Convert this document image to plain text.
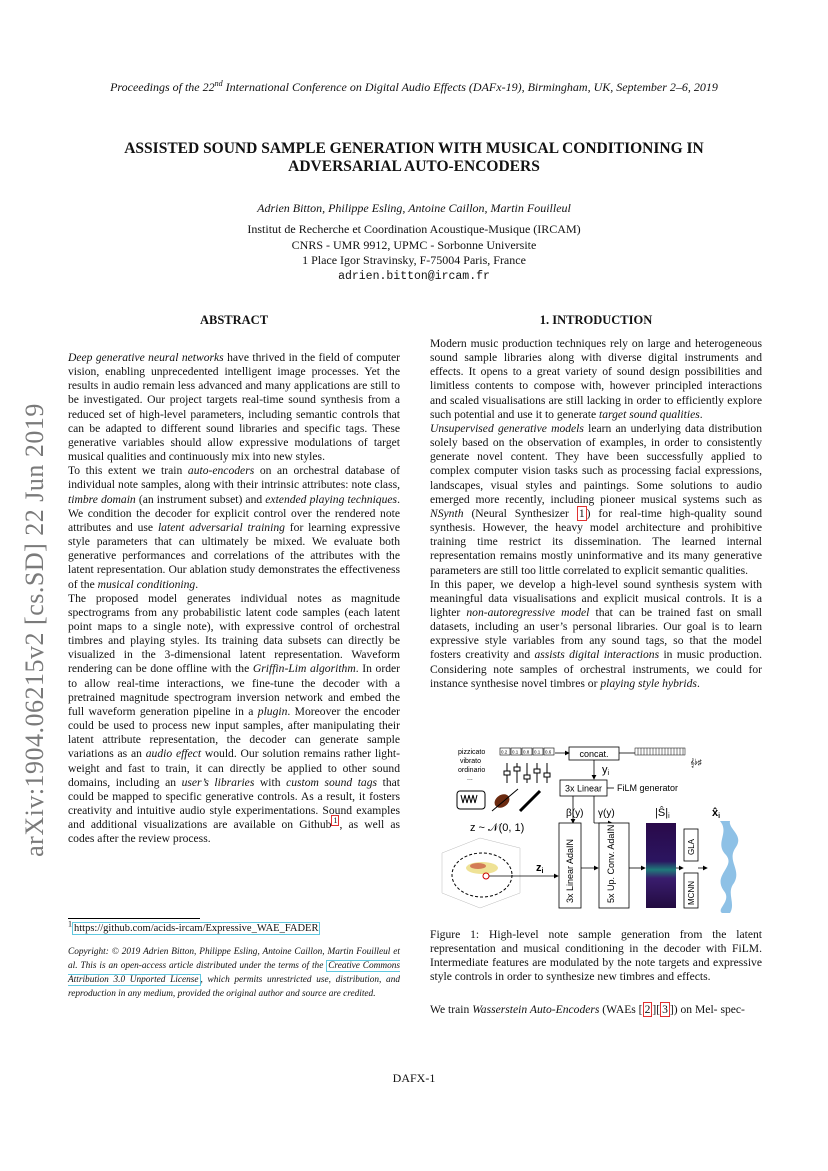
Proceedings of the 22nd International Conference on Digital Audio Effects (DAFx-19), Birmingham, UK, September 2–6, 2019
ASSISTED SOUND SAMPLE GENERATION WITH MUSICAL CONDITIONING IN
ADVERSARIAL AUTO-ENCODERS
Adrien Bitton, Philippe Esling, Antoine Caillon, Martin Fouilleul
Institut de Recherche et Coordination Acoustique-Musique (IRCAM)
CNRS - UMR 9912, UPMC - Sorbonne Universite
1 Place Igor Stravinsky, F-75004 Paris, France
adrien.bitton@ircam.fr
arXiv:1904.06215v2 [cs.SD] 22 Jun 2019
ABSTRACT

Deep generative neural networks have thrived in the field of computer vision, enabling unprecedented intelligent image processes. Yet the results in audio remain less advanced and many applications are still to be investigated. Our project targets real-time sound synthesis from a reduced set of high-level parameters, including semantic controls that can be adapted to different sound libraries and specific tags. These generative variables should allow expressive modulations of target musical qualities and continuously mix into new styles.

To this extent we train auto-encoders on an orchestral database of individual note samples, along with their intrinsic attributes: note class, timbre domain (an instrument subset) and extended playing techniques. We condition the decoder for explicit control over the rendered note attributes and use latent adversarial training for learning expressive style parameters that can ultimately be mixed. We evaluate both generative performances and correlations of the attributes with the latent representation. Our ablation study demonstrates the effectiveness of the musical conditioning.

The proposed model generates individual notes as magnitude spectrograms from any probabilistic latent code samples (each latent point maps to a single note), with expressive control of orchestral timbres and playing styles. Its training data subsets can directly be visualized in the 3-dimensional latent representation. Waveform rendering can be done offline with the Griffin-Lim algorithm. In order to allow real-time interactions, we fine-tune the decoder with a pretrained magnitude spectrogram inversion network and embed the full waveform generation pipeline in a plugin. Moreover the encoder could be used to process new input samples, after manipulating their latent attribute representation, the decoder can generate sample variations as an audio effect would. Our solution remains rather light-weight and fast to train, it can directly be applied to other sound domains, including an user’s libraries with custom sound tags that could be mapped to specific generative controls. As a result, it fosters creativity and intuitive audio style experimentations. Sound examples and additional visualizations are available on Github $^1$ , as well as codes after the review process.

$^1$ https://github.com/acids-ircam/Expressive_WAE_FADER
Copyright: © 2019 Adrien Bitton, Philippe Esling, Antoine Caillon, Martin Fouilleul et al. This is an open-access article distributed under the terms of the Creative Commons Attribution 3.0 Unported License , which permits unrestricted use, distribution, and reproduction in any medium, provided the original author and source are credited.
1. INTRODUCTION

Modern music production techniques rely on large and heterogeneous sound sample libraries along with diverse digital instruments and effects. It opens to a great variety of sound design possibilities and limitless contents to compose with, however principled interactions and scaled visualisations are still lacking in order to efficiently explore such potential and use it to generate target sound qualities.

Unsupervised generative models learn an underlying data distribution solely based on the observation of examples, in order to consistently generate novel content. They have been successfully applied to complex computer vision tasks such as processing facial expressions, landscapes, visual styles and paintings. Some solutions to audio emerged more recently, including pioneer musical systems such as NSynth (Neural Synthesizer 1 ) for real-time high-quality sound synthesis. However, the heavy model architecture and prohibitive training time restrict its dissemination. The learned internal representation remains mostly uninformative and its many generative parameters are still too little correlated to explicit semantic qualities.

In this paper, we develop a high-level sound synthesis system with meaningful data visualisations and explicit musical controls. It is a lighter non-autoregressive model that can be trained fast on small datasets, including an user’s personal libraries. Our goal is to learn expressive style variables from any sound tags, so that the model fosters creativity and assists digital interactions in music production. Considering note samples of orchestral instruments, we could for instance synthesise novel timbres or playing style hybrids.

pizzicato
vibrato
ordinario
...
0.2 0.1 0.8 0.1 0.6	concat.
𝄞♭♯
yi
3x Linear FiLM generator
β(y) γ(y)
z ~ 𝒩(0, 1)
zi 3x Linear AdaIN	5x Up. Conv. AdaIN
|Ŝ|i
GLA
MCNN
x̂i
Figure 1: High-level note sample generation from the latent representation and musical conditioning in the decoder with FiLM. Intermediate features are modulated by the note targets and expressive style controls in order to synthesize new timbres and effects.

We train Wasserstein Auto-Encoders (WAEs [ 2 ][ 3 ]) on Mel- spec-

DAFX-1
